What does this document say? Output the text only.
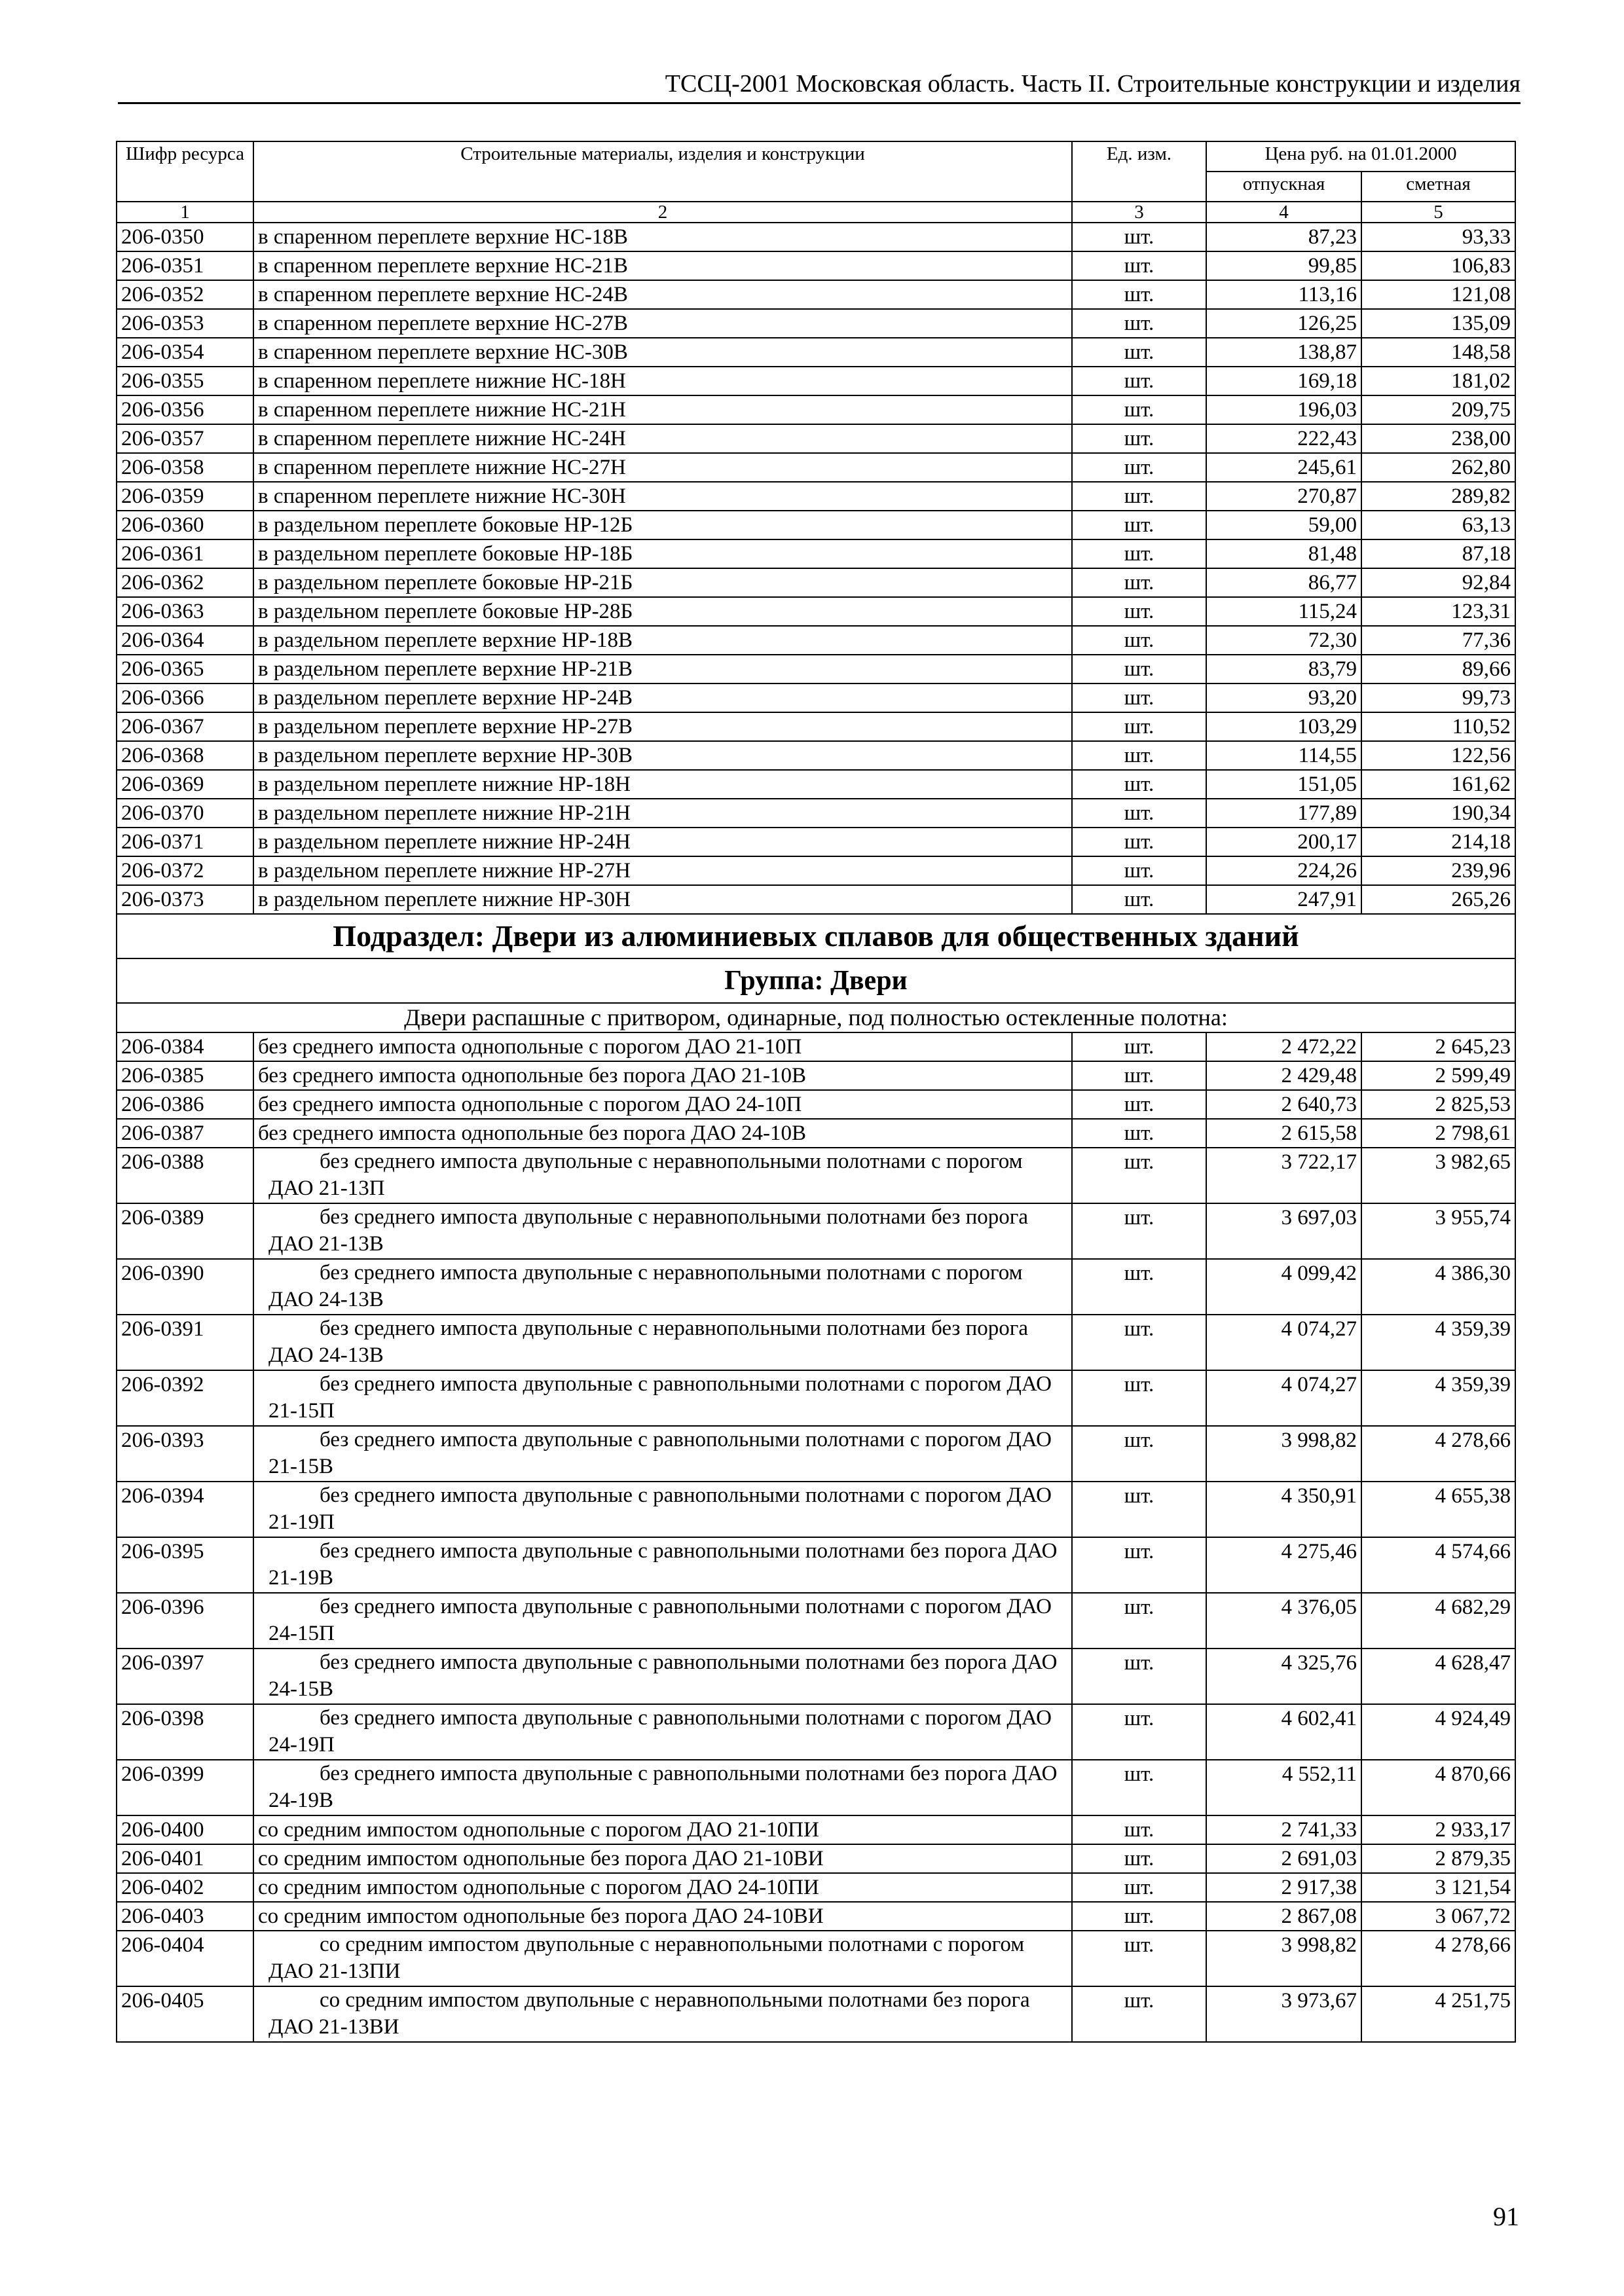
ТССЦ-2001 Московская область. Часть II. Строительные конструкции и изделия
Шифр ресурса	Строительные материалы, изделия и конструкции	Ед. изм.	Цена руб. на 01.01.2000	
			отпускная	сметная
1	2	3	4	5
206-0350	в спаренном переплете верхние НС-18В	шт.	87,23	93,33
206-0351	в спаренном переплете верхние НС-21В	шт.	99,85	106,83
206-0352	в спаренном переплете верхние НС-24В	шт.	113,16	121,08
206-0353	в спаренном переплете верхние НС-27В	шт.	126,25	135,09
206-0354	в спаренном переплете верхние НС-30В	шт.	138,87	148,58
206-0355	в спаренном переплете нижние НС-18Н	шт.	169,18	181,02
206-0356	в спаренном переплете нижние НС-21Н	шт.	196,03	209,75
206-0357	в спаренном переплете нижние НС-24Н	шт.	222,43	238,00
206-0358	в спаренном переплете нижние НС-27Н	шт.	245,61	262,80
206-0359	в спаренном переплете нижние НС-30Н	шт.	270,87	289,82
206-0360	в раздельном переплете боковые НР-12Б	шт.	59,00	63,13
206-0361	в раздельном переплете боковые НР-18Б	шт.	81,48	87,18
206-0362	в раздельном переплете боковые НР-21Б	шт.	86,77	92,84
206-0363	в раздельном переплете боковые НР-28Б	шт.	115,24	123,31
206-0364	в раздельном переплете верхние НР-18В	шт.	72,30	77,36
206-0365	в раздельном переплете верхние НР-21В	шт.	83,79	89,66
206-0366	в раздельном переплете верхние НР-24В	шт.	93,20	99,73
206-0367	в раздельном переплете верхние НР-27В	шт.	103,29	110,52
206-0368	в раздельном переплете верхние НР-30В	шт.	114,55	122,56
206-0369	в раздельном переплете нижние НР-18Н	шт.	151,05	161,62
206-0370	в раздельном переплете нижние НР-21Н	шт.	177,89	190,34
206-0371	в раздельном переплете нижние НР-24Н	шт.	200,17	214,18
206-0372	в раздельном переплете нижние НР-27Н	шт.	224,26	239,96
206-0373	в раздельном переплете нижние НР-30Н	шт.	247,91	265,26
Подраздел: Двери из алюминиевых сплавов для общественных зданий				
Группа: Двери				
Двери распашные с притвором, одинарные, под полностью остекленные полотна:				
206-0384	без среднего импоста однопольные с порогом ДАО 21-10П	шт.	2 472,22	2 645,23
206-0385	без среднего импоста однопольные без порога ДАО 21-10В	шт.	2 429,48	2 599,49
206-0386	без среднего импоста однопольные с порогом ДАО 24-10П	шт.	2 640,73	2 825,53
206-0387	без среднего импоста однопольные без порога ДАО 24-10В	шт.	2 615,58	2 798,61
206-0388	без среднего импоста двупольные с неравнопольными полотнами с порогом ДАО 21-13П	шт.	3 722,17	3 982,65
206-0389	без среднего импоста двупольные с неравнопольными полотнами без порога ДАО 21-13В	шт.	3 697,03	3 955,74
206-0390	без среднего импоста двупольные с неравнопольными полотнами с порогом ДАО 24-13В	шт.	4 099,42	4 386,30
206-0391	без среднего импоста двупольные с неравнопольными полотнами без порога ДАО 24-13В	шт.	4 074,27	4 359,39
206-0392	без среднего импоста двупольные с равнопольными полотнами с порогом ДАО 21-15П	шт.	4 074,27	4 359,39
206-0393	без среднего импоста двупольные с равнопольными полотнами с порогом ДАО 21-15В	шт.	3 998,82	4 278,66
206-0394	без среднего импоста двупольные с равнопольными полотнами с порогом ДАО 21-19П	шт.	4 350,91	4 655,38
206-0395	без среднего импоста двупольные с равнопольными полотнами без порога ДАО 21-19В	шт.	4 275,46	4 574,66
206-0396	без среднего импоста двупольные с равнопольными полотнами с порогом ДАО 24-15П	шт.	4 376,05	4 682,29
206-0397	без среднего импоста двупольные с равнопольными полотнами без порога ДАО 24-15В	шт.	4 325,76	4 628,47
206-0398	без среднего импоста двупольные с равнопольными полотнами с порогом ДАО 24-19П	шт.	4 602,41	4 924,49
206-0399	без среднего импоста двупольные с равнопольными полотнами без порога ДАО 24-19В	шт.	4 552,11	4 870,66
206-0400	со средним импостом однопольные с порогом ДАО 21-10ПИ	шт.	2 741,33	2 933,17
206-0401	со средним импостом однопольные без порога ДАО 21-10ВИ	шт.	2 691,03	2 879,35
206-0402	со средним импостом однопольные с порогом ДАО 24-10ПИ	шт.	2 917,38	3 121,54
206-0403	со средним импостом однопольные без порога ДАО 24-10ВИ	шт.	2 867,08	3 067,72
206-0404	со средним импостом двупольные с неравнопольными полотнами с порогом ДАО 21-13ПИ	шт.	3 998,82	4 278,66
206-0405	со средним импостом двупольные с неравнопольными полотнами без порога ДАО 21-13ВИ	шт.	3 973,67	4 251,75
91
